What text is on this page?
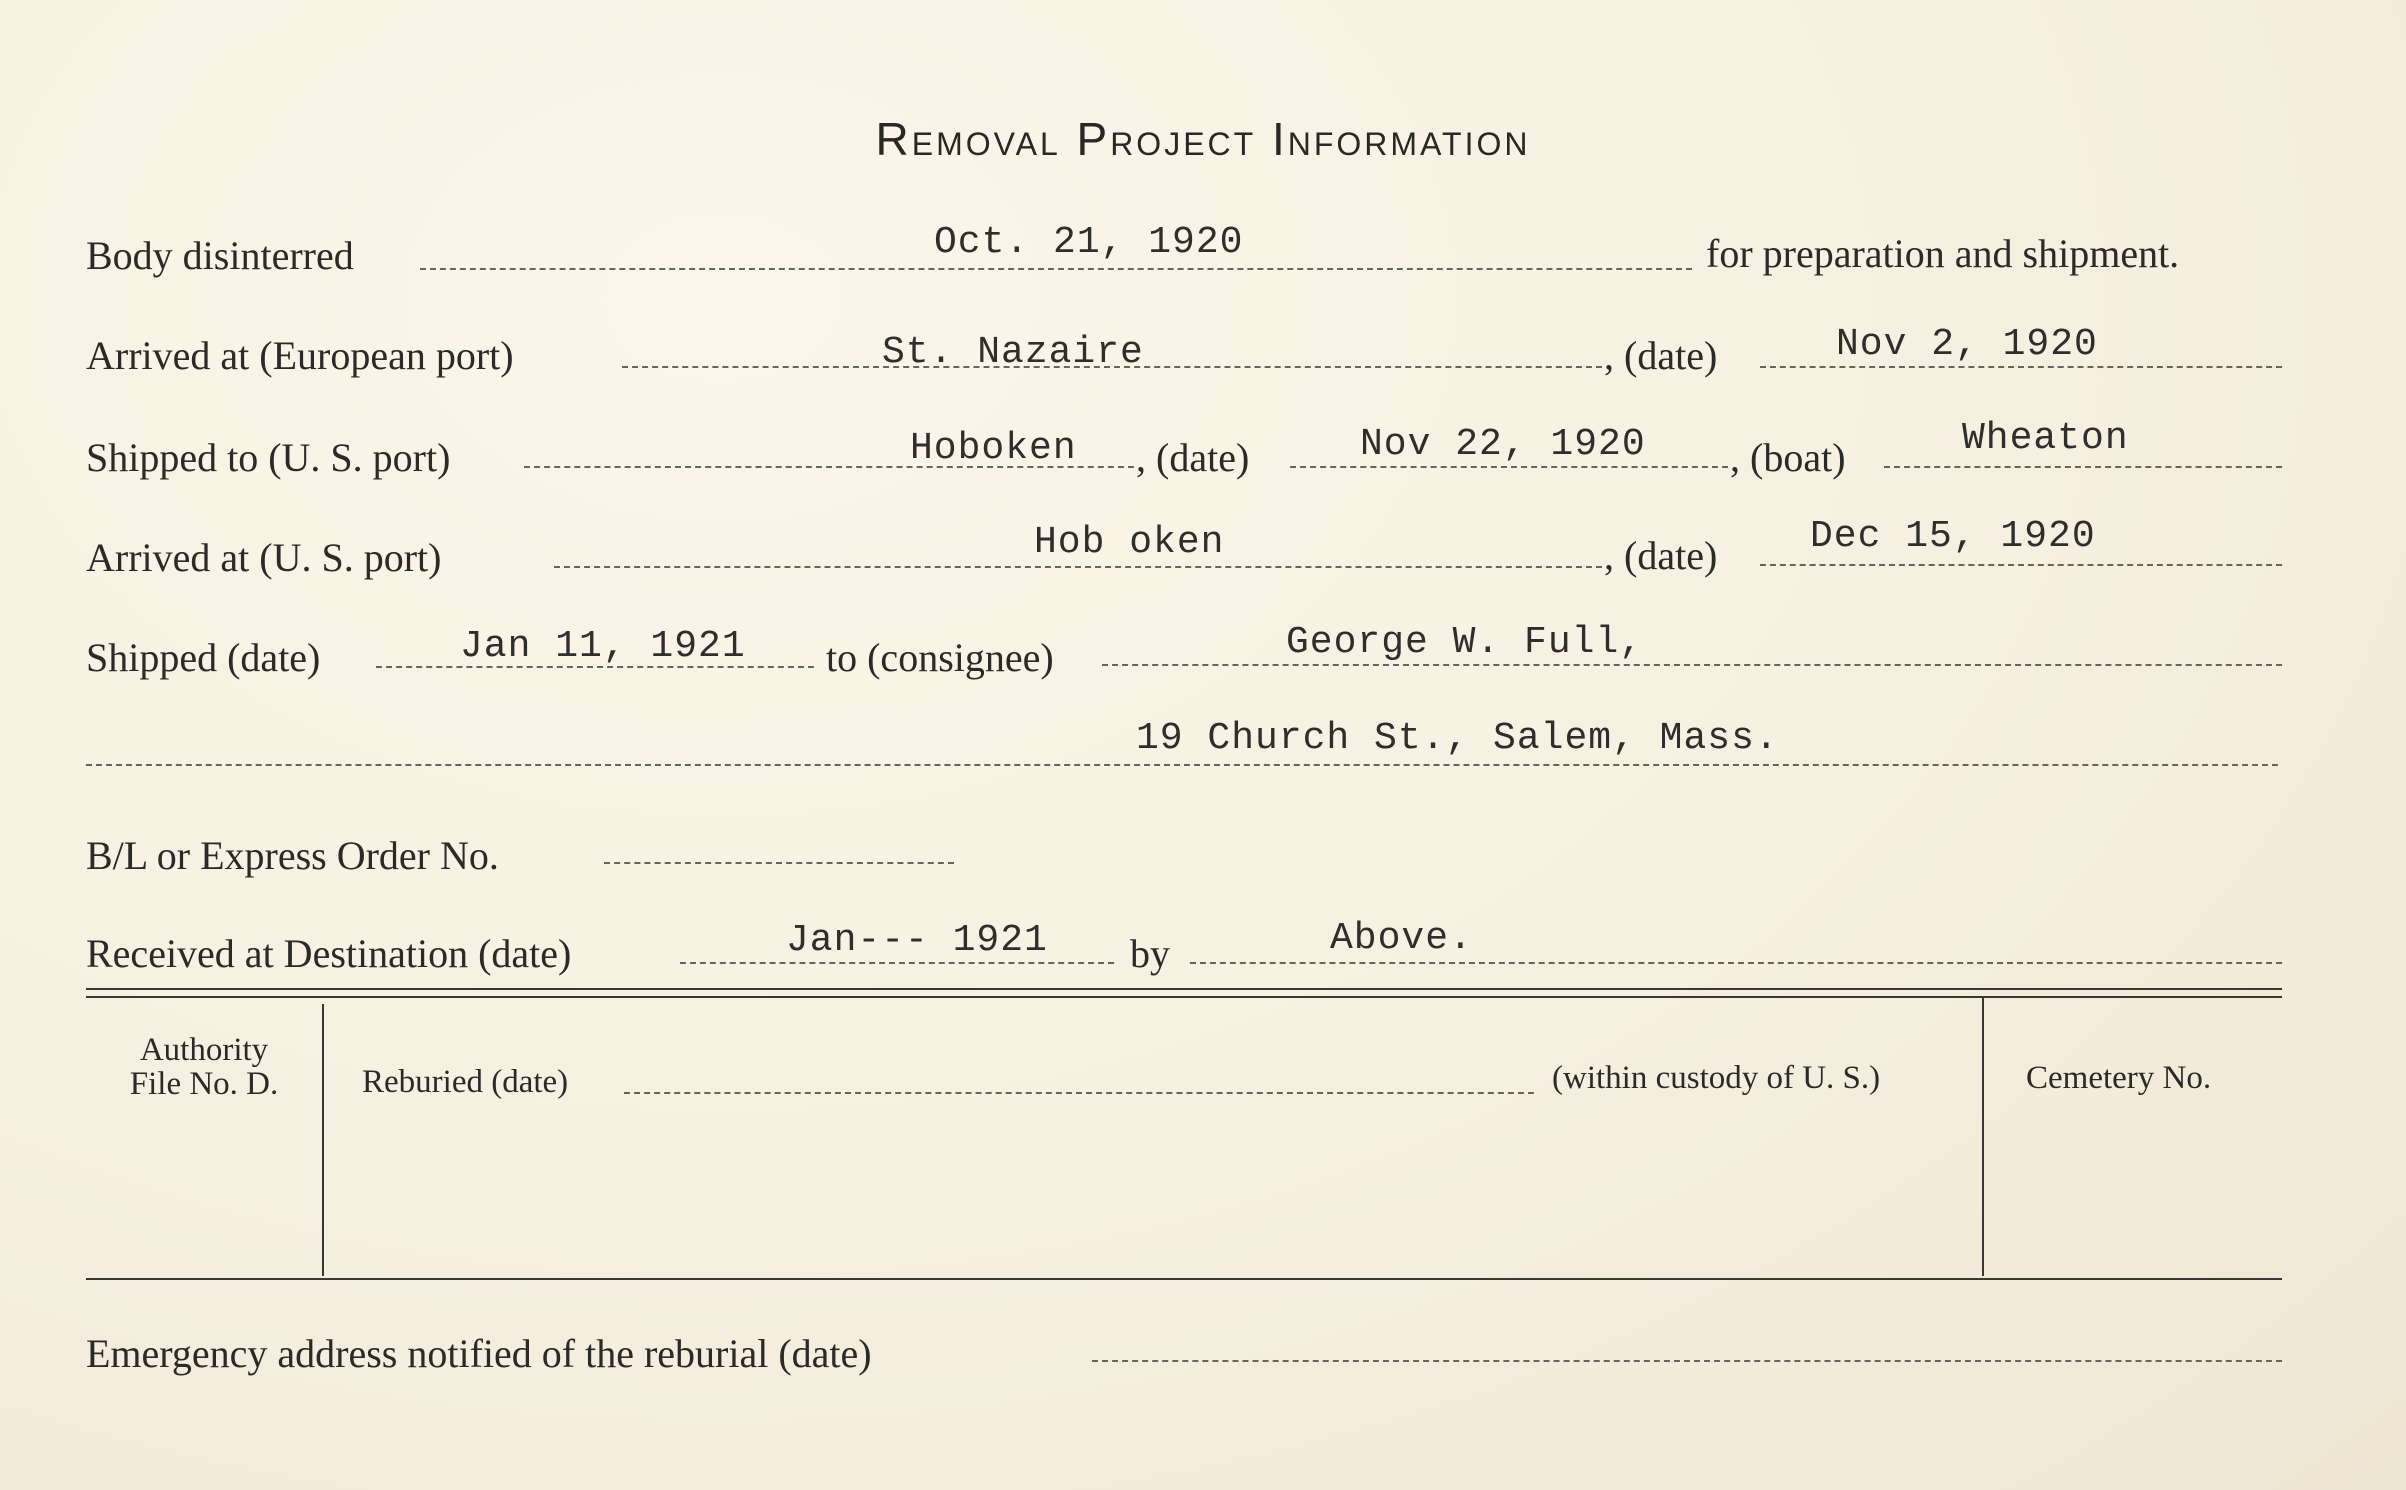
Removal Project Information
Body disinterred	Oct. 21, 1920	for preparation and shipment.
Arrived at (European port)	St. Nazaire	, (date)	Nov 2, 1920
Shipped to (U. S. port)	Hoboken , (date)	Nov 22, 1920 , (boat)	Wheaton
Arrived at (U. S. port)	Hob oken	, (date) Dec 15, 1920
Shipped (date)	Jan 11, 1921 to (consignee)	George W. Full,
19 Church St., Salem, Mass.
B/L or Express Order No.
Received at Destination (date)	Jan--- 1921 by	Above.
Authority
File No. D.	Reburied (date)	(within custody of U. S.)	Cemetery No.
Emergency address notified of the reburial (date)
